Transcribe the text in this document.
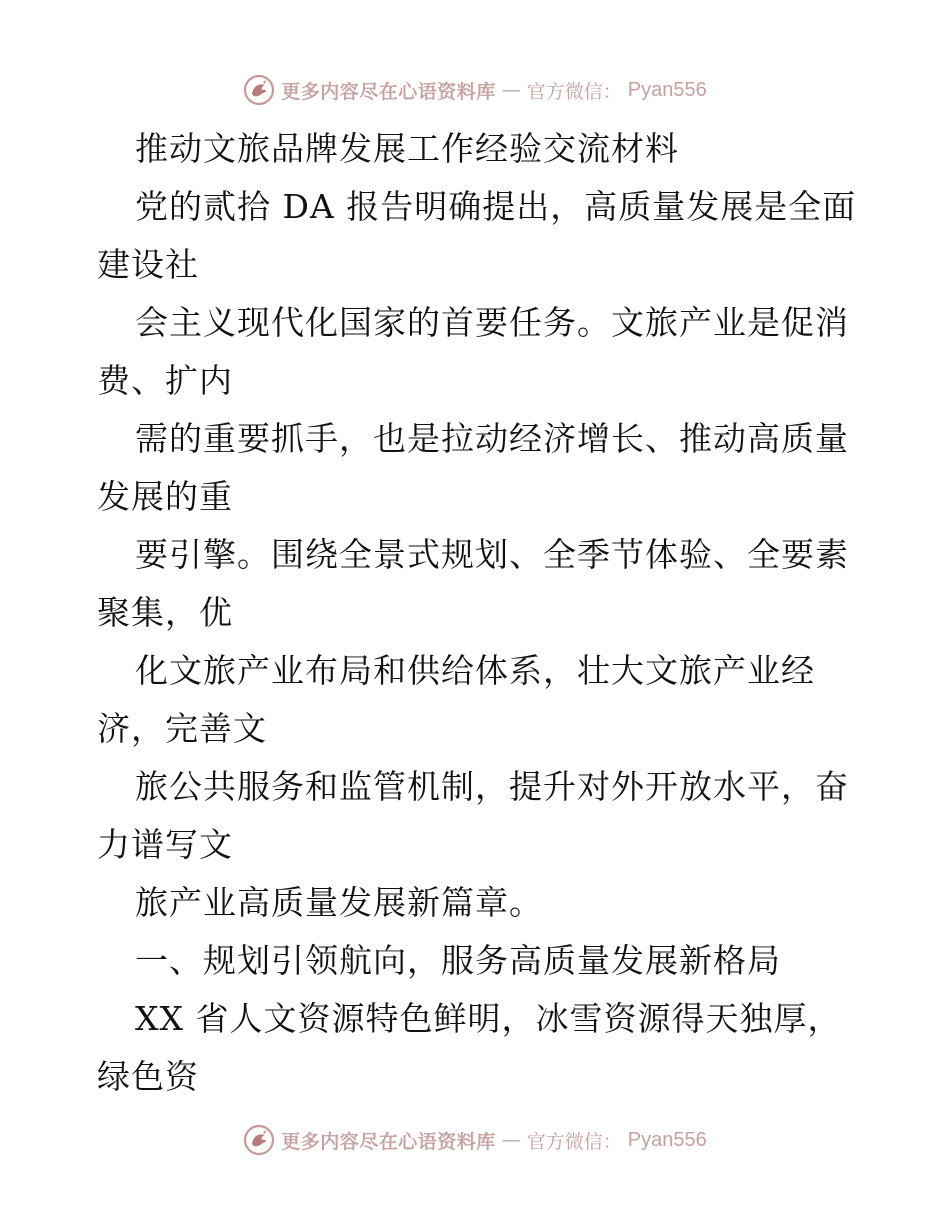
更多内容尽在心语资料库 — 官方微信： Pyan556
推动文旅品牌发展工作经验交流材料
党的贰拾 DA 报告明确提出，高质量发展是全面
建设社
会主义现代化国家的首要任务。文旅产业是促消
费、扩内
需的重要抓手，也是拉动经济增长、推动高质量
发展的重
要引擎。围绕全景式规划、全季节体验、全要素
聚集，优
化文旅产业布局和供给体系，壮大文旅产业经
济，完善文
旅公共服务和监管机制，提升对外开放水平，奋
力谱写文
旅产业高质量发展新篇章。
一、规划引领航向，服务高质量发展新格局
XX 省人文资源特色鲜明，冰雪资源得天独厚，
绿色资
更多内容尽在心语资料库 — 官方微信： Pyan556
